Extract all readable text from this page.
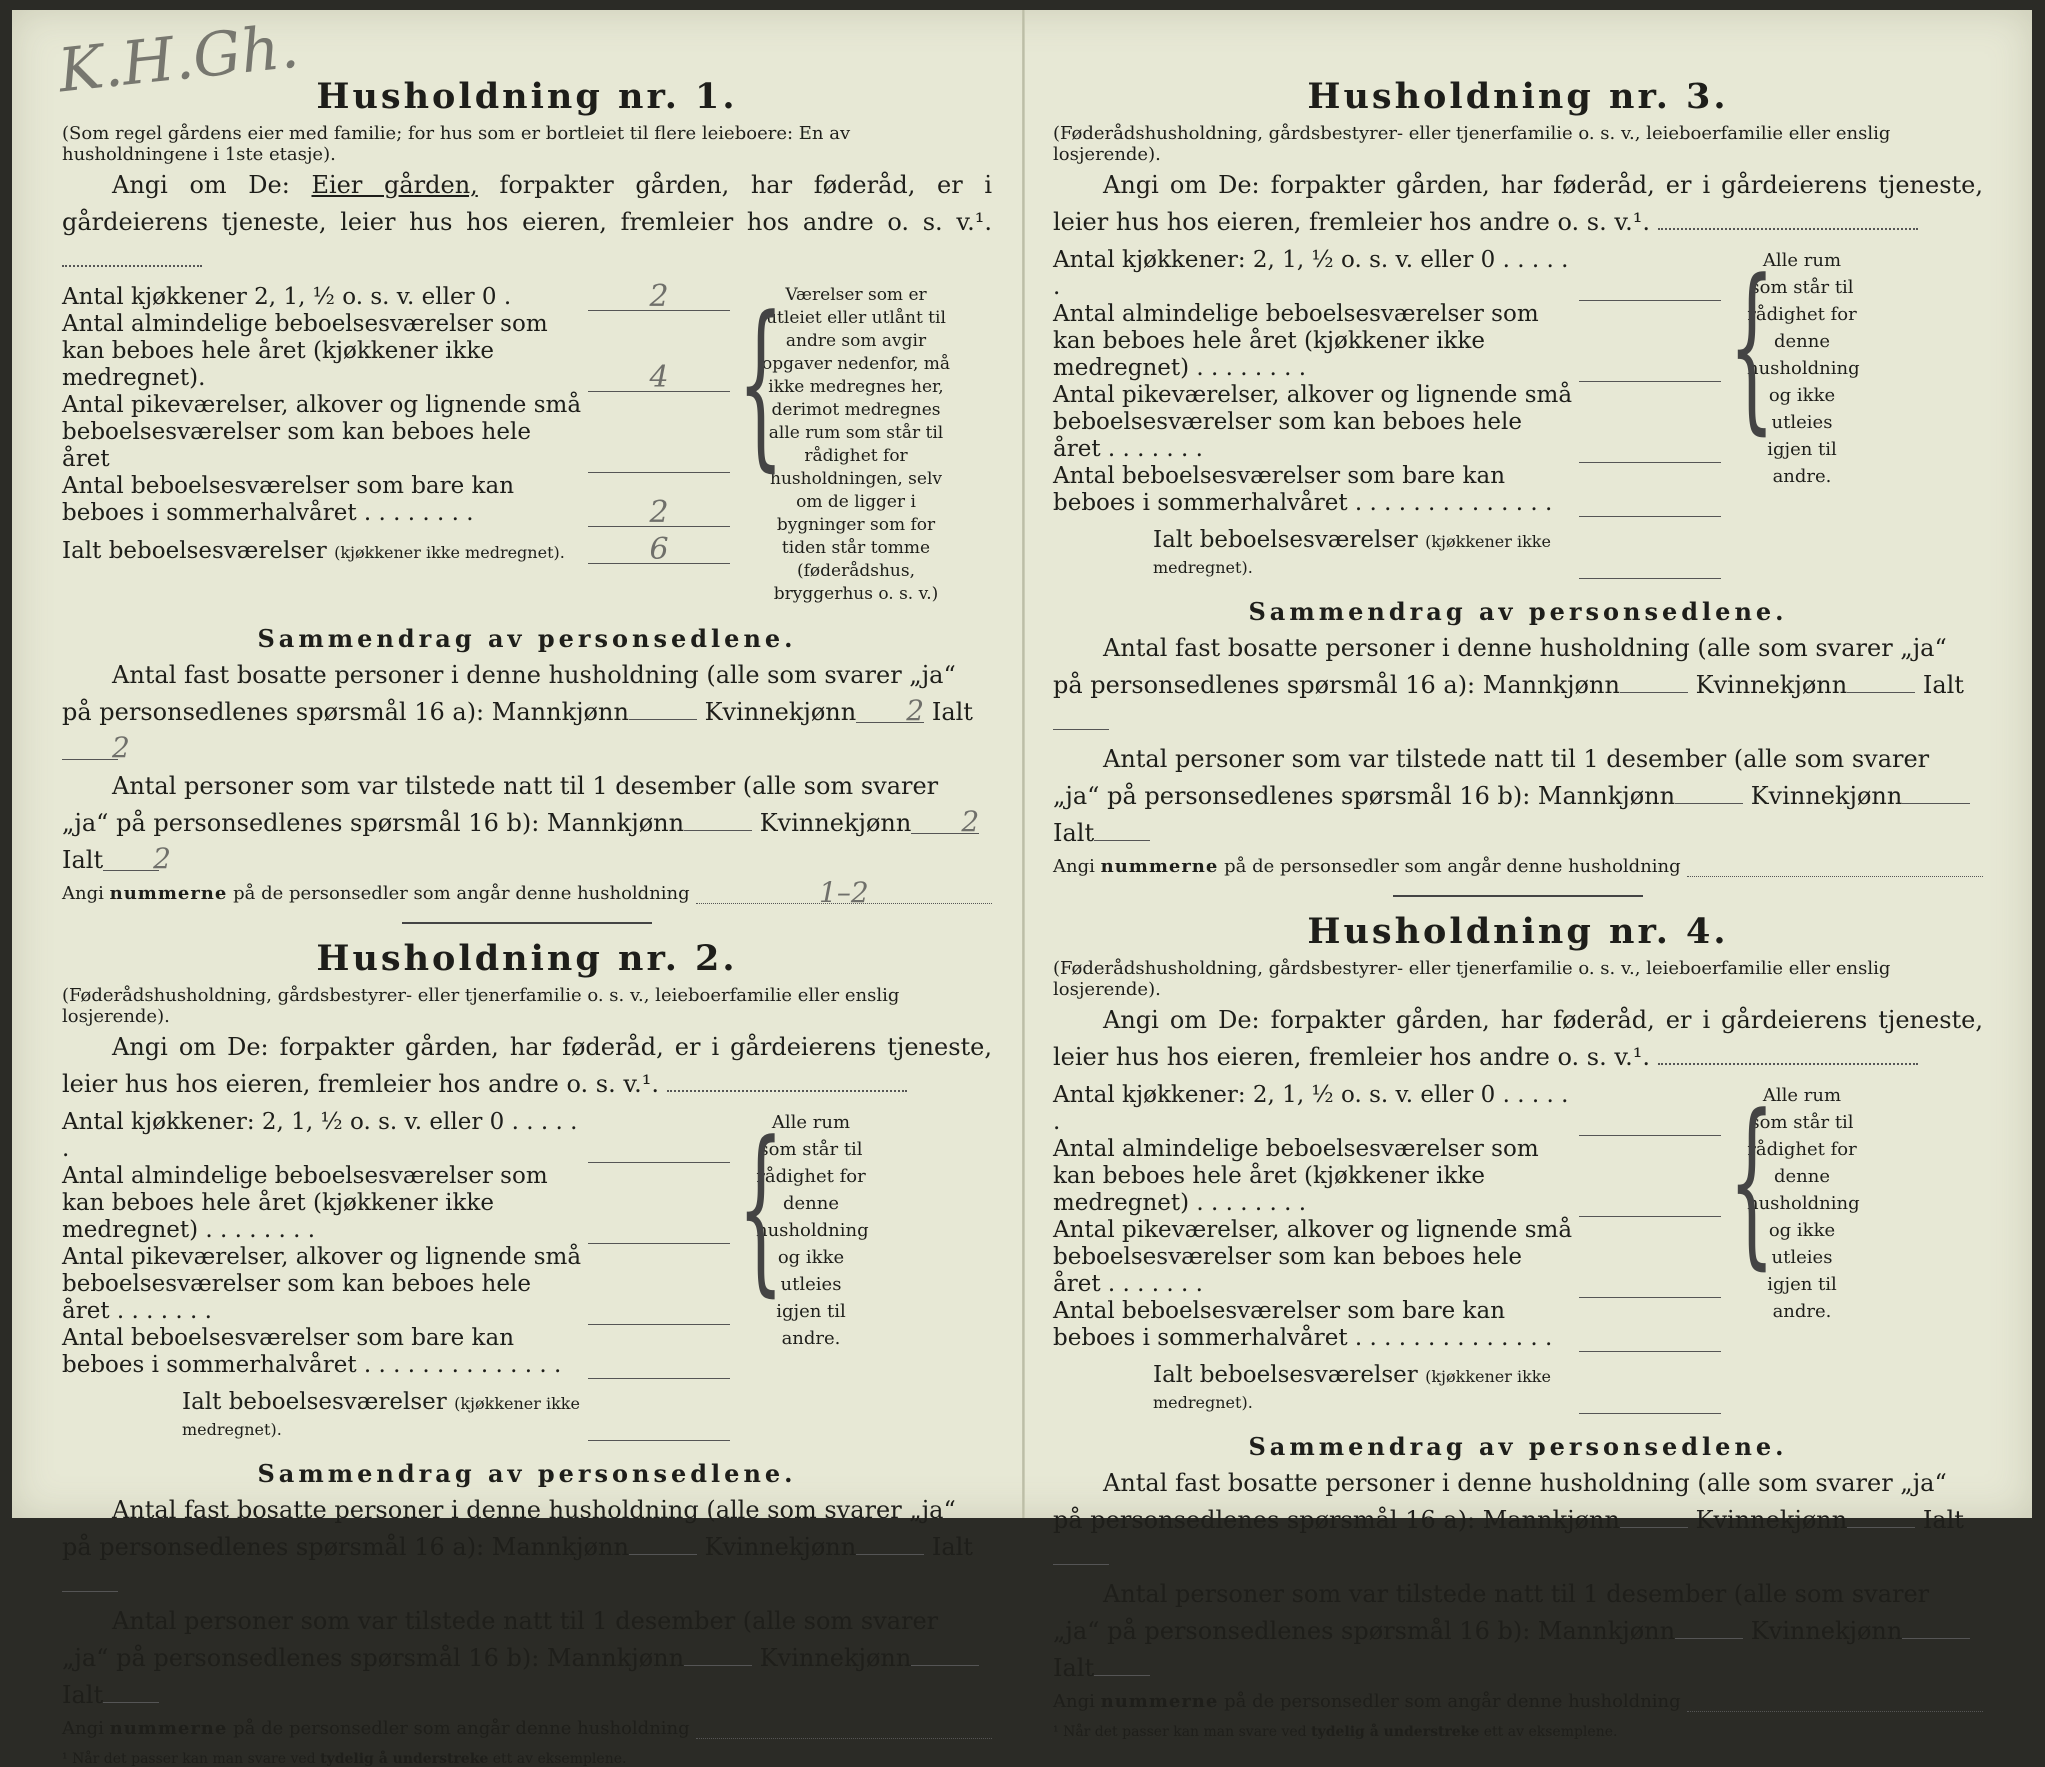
K.H.Gh. Husholdning nr. 1.
(Som regel gårdens eier med familie; for hus som er bortleiet til flere leieboere: En av husholdningene i 1ste etasje).
Angi om De: Eier gården, forpakter gården, har føderåd, er i gårdeierens tjeneste, leier hus hos eieren, fremleier hos andre o. s. v.¹.
Antal kjøkkener 2, 1, ½ o. s. v. eller 0 .	2
Antal almindelige beboelsesværelser som kan beboes hele året (kjøkkener ikke medregnet).	4
Antal pikeværelser, alkover og lignende små beboelsesværelser som kan beboes hele året
Antal beboelsesværelser som bare kan beboes i sommerhalvåret . . . . . . . .	2
Ialt beboelsesværelser (kjøkkener ikke medregnet).	6
{ Værelser som er utleiet eller utlånt til andre som avgir opgaver nedenfor, må ikke medregnes her, derimot medregnes alle rum som står til rådighet for husholdningen, selv om de ligger i bygninger som for tiden står tomme (føderådshus, bryggerhus o. s. v.)
Sammendrag av personsedlene.

Antal fast bosatte personer i denne husholdning (alle som svarer „ja“ på personsedlenes spørsmål 16 a): Mannkjønn	Kvinnekjønn 2 Ialt2

Antal personer som var tilstede natt til 1 desember (alle som svarer „ja“ på personsedlenes spørsmål 16 b): Mannkjønn	Kvinnekjønn 2 Ialt 2

Angi nummerne på de personsedler som angår denne husholdning	1–2
Husholdning nr. 2.
(Føderådshusholdning, gårdsbestyrer- eller tjenerfamilie o. s. v., leieboerfamilie eller enslig losjerende).
Angi om De: forpakter gården, har føderåd, er i gårdeierens tjeneste, leier hus hos eieren, fremleier hos andre o. s. v.¹.
Antal kjøkkener: 2, 1, ½ o. s. v. eller 0 . . . . . .
Antal almindelige beboelsesværelser som kan beboes hele året (kjøkkener ikke medregnet) . . . . . . . .
Antal pikeværelser, alkover og lignende små beboelsesværelser som kan beboes hele året . . . . . . .
Antal beboelsesværelser som bare kan beboes i sommerhalvåret . . . . . . . . . . . . . .
Ialt beboelsesværelser (kjøkkener ikke medregnet).
{
Alle rum som står til rådighet for denne husholdning og ikke utleies igjen til andre.
Sammendrag av personsedlene.

Antal fast bosatte personer i denne husholdning (alle som svarer „ja“ på personsedlenes spørsmål 16 a): Mannkjønn	Kvinnekjønn	Ialt

Antal personer som var tilstede natt til 1 desember (alle som svarer „ja“ på personsedlenes spørsmål 16 b): Mannkjønn	Kvinnekjønn Ialt

Angi nummerne på de personsedler som angår denne husholdning
¹ Når det passer kan man svare ved tydelig å understreke ett av eksemplene.
Husholdning nr. 3.
(Føderådshusholdning, gårdsbestyrer- eller tjenerfamilie o. s. v., leieboerfamilie eller enslig losjerende).
Angi om De: forpakter gården, har føderåd, er i gårdeierens tjeneste, leier hus hos eieren, fremleier hos andre o. s. v.¹.
Antal kjøkkener: 2, 1, ½ o. s. v. eller 0 . . . . . .
Antal almindelige beboelsesværelser som kan beboes hele året (kjøkkener ikke medregnet) . . . . . . . .
Antal pikeværelser, alkover og lignende små beboelsesværelser som kan beboes hele året . . . . . . .
Antal beboelsesværelser som bare kan beboes i sommerhalvåret . . . . . . . . . . . . . .
Ialt beboelsesværelser (kjøkkener ikke medregnet).
{
Alle rum som står til rådighet for denne husholdning og ikke utleies igjen til andre.
Sammendrag av personsedlene.

Antal fast bosatte personer i denne husholdning (alle som svarer „ja“ på personsedlenes spørsmål 16 a): Mannkjønn	Kvinnekjønn	Ialt

Antal personer som var tilstede natt til 1 desember (alle som svarer „ja“ på personsedlenes spørsmål 16 b): Mannkjønn	Kvinnekjønn Ialt

Angi nummerne på de personsedler som angår denne husholdning
Husholdning nr. 4.
(Føderådshusholdning, gårdsbestyrer- eller tjenerfamilie o. s. v., leieboerfamilie eller enslig losjerende).
Angi om De: forpakter gården, har føderåd, er i gårdeierens tjeneste, leier hus hos eieren, fremleier hos andre o. s. v.¹.
Antal kjøkkener: 2, 1, ½ o. s. v. eller 0 . . . . . .
Antal almindelige beboelsesværelser som kan beboes hele året (kjøkkener ikke medregnet) . . . . . . . .
Antal pikeværelser, alkover og lignende små beboelsesværelser som kan beboes hele året . . . . . . .
Antal beboelsesværelser som bare kan beboes i sommerhalvåret . . . . . . . . . . . . . .
Ialt beboelsesværelser (kjøkkener ikke medregnet).
{
Alle rum som står til rådighet for denne husholdning og ikke utleies igjen til andre.
Sammendrag av personsedlene.

Antal fast bosatte personer i denne husholdning (alle som svarer „ja“ på personsedlenes spørsmål 16 a): Mannkjønn	Kvinnekjønn	Ialt

Antal personer som var tilstede natt til 1 desember (alle som svarer „ja“ på personsedlenes spørsmål 16 b): Mannkjønn	Kvinnekjønn Ialt

Angi nummerne på de personsedler som angår denne husholdning
¹ Når det passer kan man svare ved tydelig å understreke ett av eksemplene.
